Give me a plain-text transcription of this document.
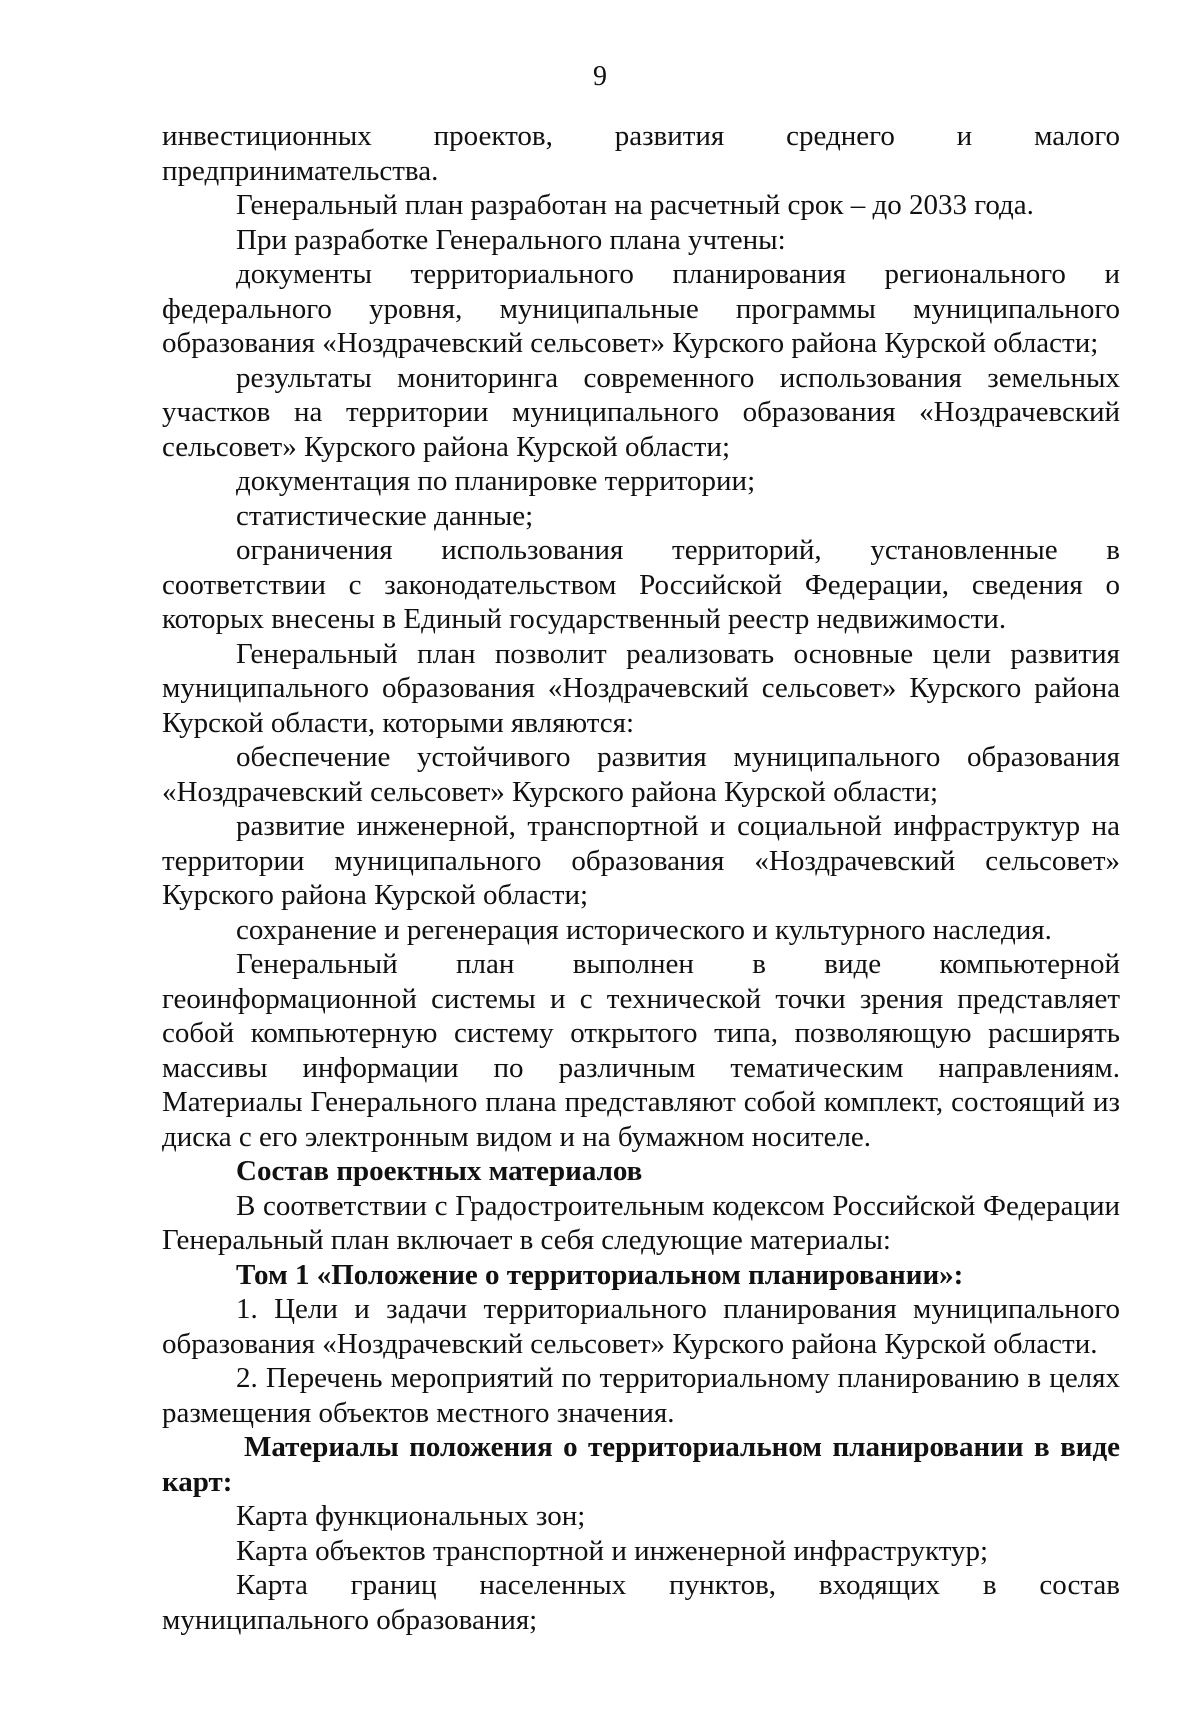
9

инвестиционных проектов, развития среднего и малого предпринимательства.

Генеральный план разработан на расчетный срок – до 2033 года.

При разработке Генерального плана учтены:

документы территориального планирования регионального и федерального уровня, муниципальные программы муниципального образования «Ноздрачевский сельсовет» Курского района Курской области;

результаты мониторинга современного использования земельных участков на территории муниципального образования «Ноздрачевский сельсовет» Курского района Курской области;

документация по планировке территории;

статистические данные;

ограничения использования территорий, установленные в соответствии с законодательством Российской Федерации, сведения о которых внесены в Единый государственный реестр недвижимости.

Генеральный план позволит реализовать основные цели развития муниципального образования «Ноздрачевский сельсовет» Курского района Курской области, которыми являются:

обеспечение устойчивого развития муниципального образования «Ноздрачевский сельсовет» Курского района Курской области;

развитие инженерной, транспортной и социальной инфраструктур на территории муниципального образования «Ноздрачевский сельсовет» Курского района Курской области;

сохранение и регенерация исторического и культурного наследия.

Генеральный план выполнен в виде компьютерной геоинформационной системы и с технической точки зрения представляет собой компьютерную систему открытого типа, позволяющую расширять массивы информации по различным тематическим направлениям. Материалы Генерального плана представляют собой комплект, состоящий из диска с его электронным видом и на бумажном носителе.

Состав проектных материалов

В соответствии с Градостроительным кодексом Российской Федерации Генеральный план включает в себя следующие материалы:

Том 1 «Положение о территориальном планировании»:

1. Цели и задачи территориального планирования муниципального образования «Ноздрачевский сельсовет» Курского района Курской области.

2. Перечень мероприятий по территориальному планированию в целях размещения объектов местного значения.

Материалы положения о территориальном планировании в виде карт:

Карта функциональных зон;

Карта объектов транспортной и инженерной инфраструктур;

Карта границ населенных пунктов, входящих в состав муниципального образования;
